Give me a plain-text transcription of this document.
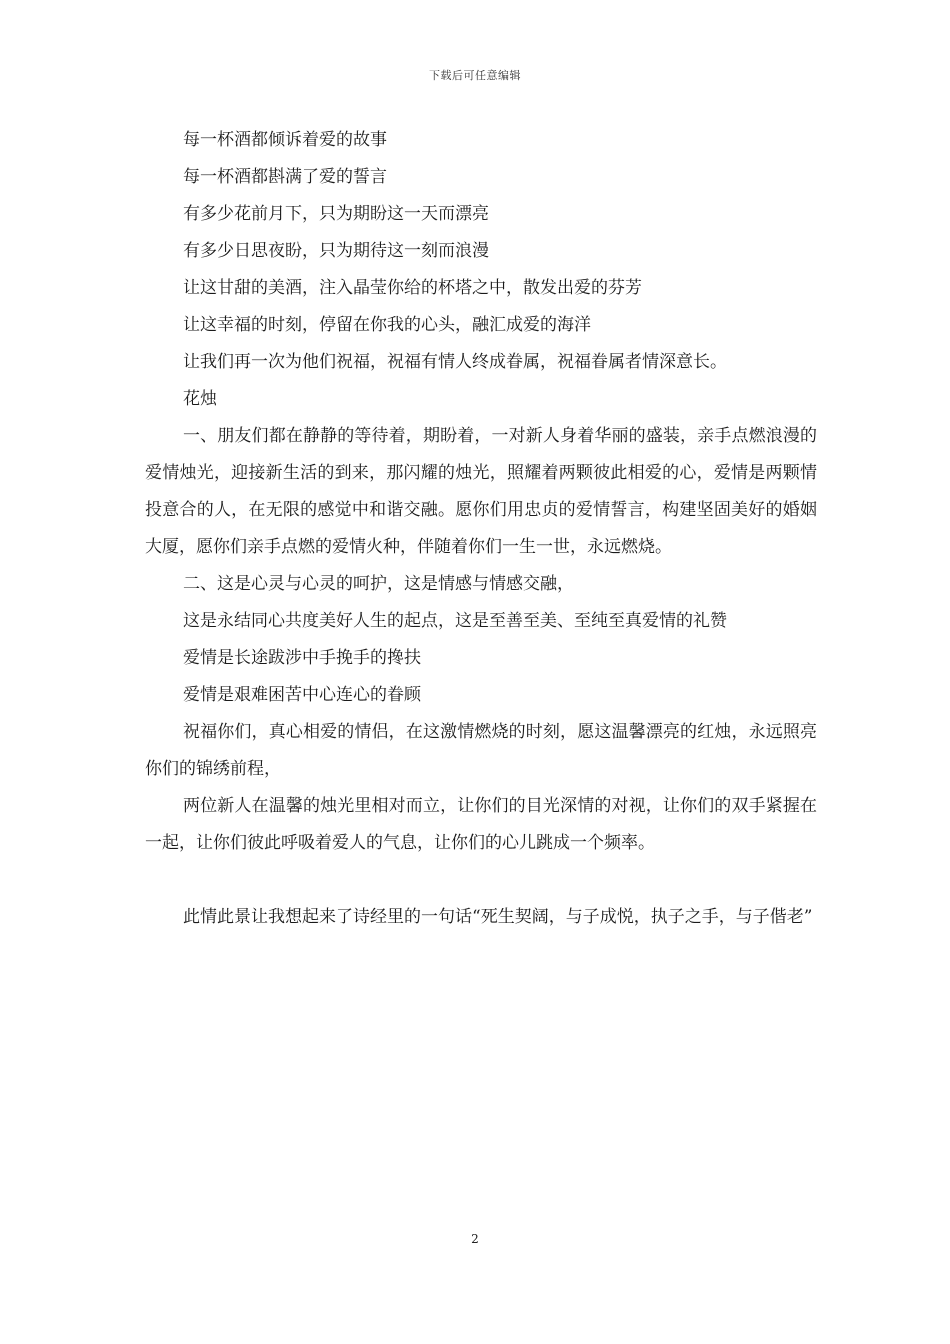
下载后可任意编辑

每一杯酒都倾诉着爱的故事

每一杯酒都斟满了爱的誓言

有多少花前月下，只为期盼这一天而漂亮

有多少日思夜盼，只为期待这一刻而浪漫

让这甘甜的美酒，注入晶莹你给的杯塔之中，散发出爱的芬芳

让这幸福的时刻，停留在你我的心头，融汇成爱的海洋

让我们再一次为他们祝福，祝福有情人终成眷属，祝福眷属者情深意长。

花烛

一、朋友们都在静静的等待着，期盼着，一对新人身着华丽的盛装，亲手点燃浪漫的爱情烛光，迎接新生活的到来，那闪耀的烛光，照耀着两颗彼此相爱的心，爱情是两颗情投意合的人，在无限的感觉中和谐交融。愿你们用忠贞的爱情誓言，构建坚固美好的婚姻大厦，愿你们亲手点燃的爱情火种，伴随着你们一生一世，永远燃烧。

二、这是心灵与心灵的呵护，这是情感与情感交融，

这是永结同心共度美好人生的起点，这是至善至美、至纯至真爱情的礼赞

爱情是长途跋涉中手挽手的搀扶

爱情是艰难困苦中心连心的眷顾

祝福你们，真心相爱的情侣，在这激情燃烧的时刻，愿这温馨漂亮的红烛，永远照亮你们的锦绣前程，

两位新人在温馨的烛光里相对而立，让你们的目光深情的对视，让你们的双手紧握在一起，让你们彼此呼吸着爱人的气息，让你们的心儿跳成一个频率。

此情此景让我想起来了诗经里的一句话“死生契阔，与子成悦，执子之手，与子偕老”

2
